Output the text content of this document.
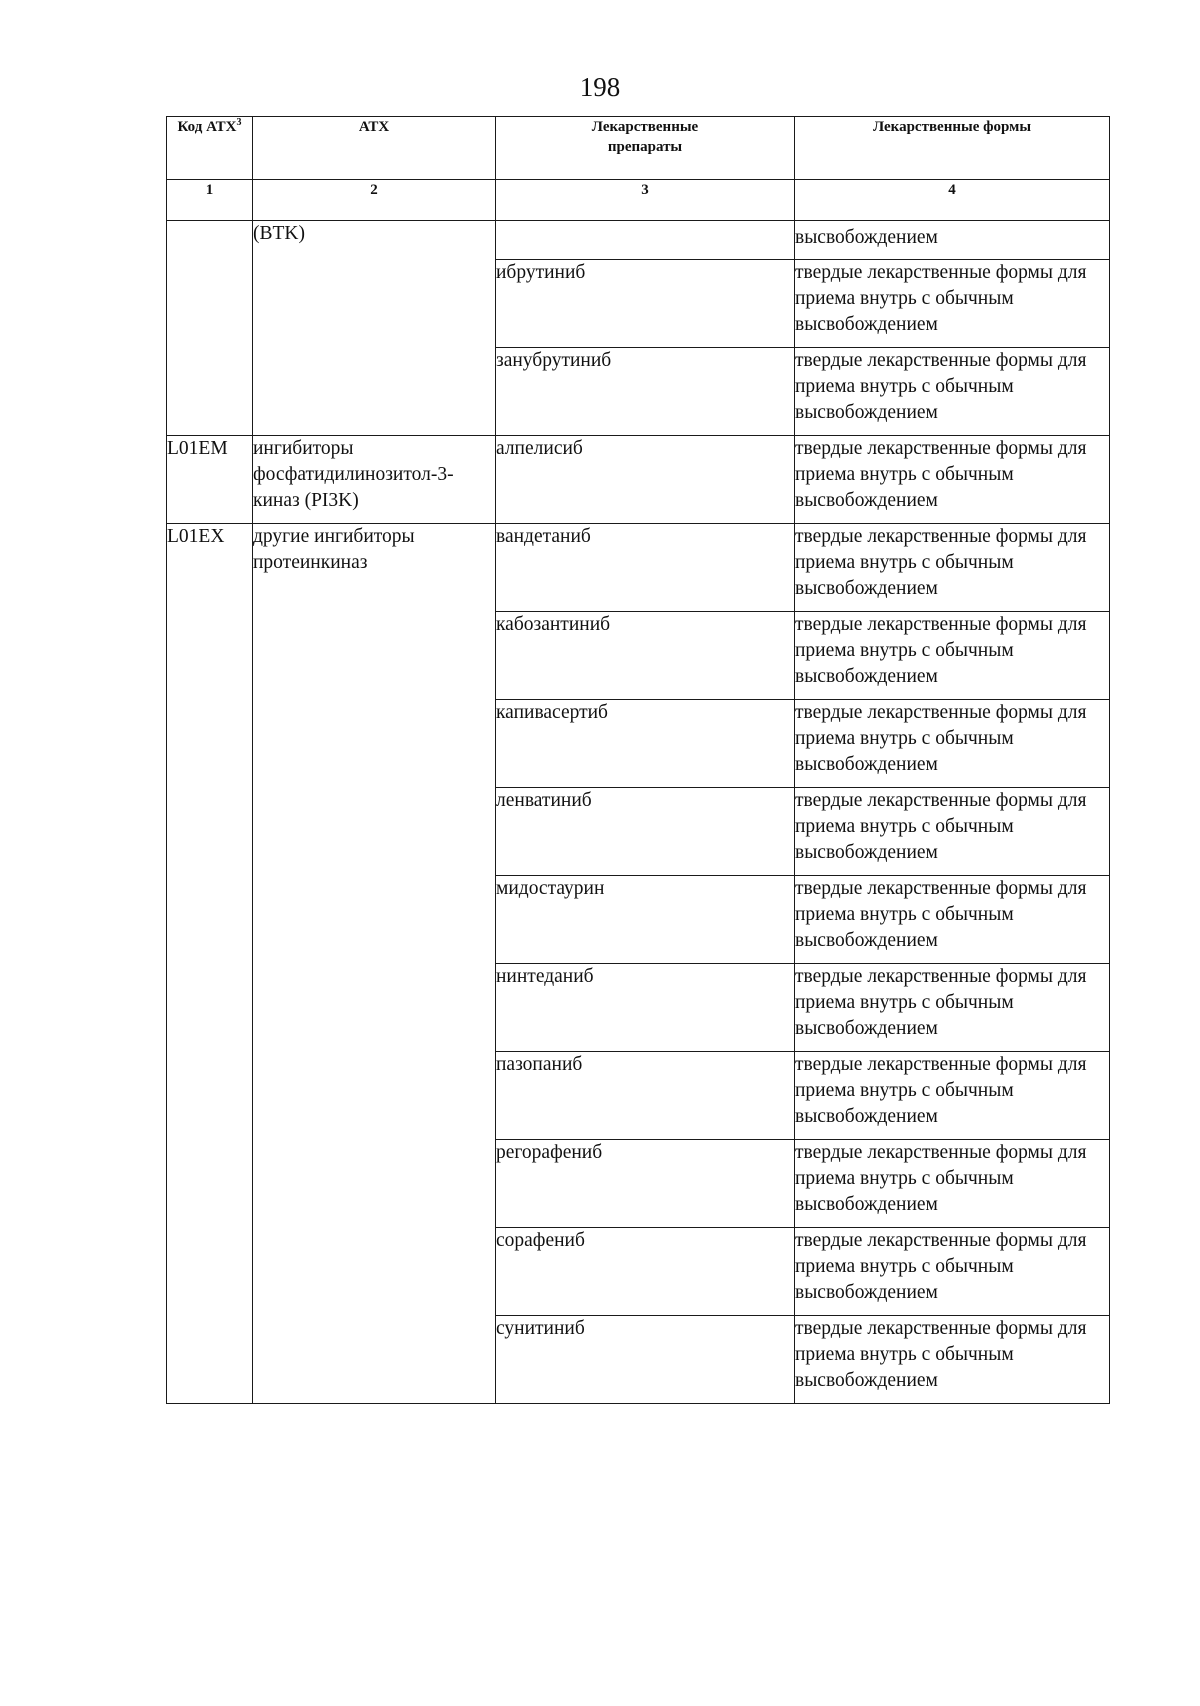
198
Код АТХ$^3$	АТХ	Лекарственные препараты	Лекарственные формы
1	2	3	4
	(BTK)		высвобождением
		ибрутиниб	твердые лекарственные формы для приема внутрь с обычным высвобождением
		занубрутиниб	твердые лекарственные формы для приема внутрь с обычным высвобождением
L01EM	ингибиторы фосфатидилинозитол-3-киназ (PI3K)	алпелисиб	твердые лекарственные формы для приема внутрь с обычным высвобождением
L01EX	другие ингибиторы протеинкиназ	вандетаниб	твердые лекарственные формы для приема внутрь с обычным высвобождением
		кабозантиниб	твердые лекарственные формы для приема внутрь с обычным высвобождением
		капивасертиб	твердые лекарственные формы для приема внутрь с обычным высвобождением
		ленватиниб	твердые лекарственные формы для приема внутрь с обычным высвобождением
		мидостаурин	твердые лекарственные формы для приема внутрь с обычным высвобождением
		нинтеданиб	твердые лекарственные формы для приема внутрь с обычным высвобождением
		пазопаниб	твердые лекарственные формы для приема внутрь с обычным высвобождением
		регорафениб	твердые лекарственные формы для приема внутрь с обычным высвобождением
		сорафениб	твердые лекарственные формы для приема внутрь с обычным высвобождением
		сунитиниб	твердые лекарственные формы для приема внутрь с обычным высвобождением
